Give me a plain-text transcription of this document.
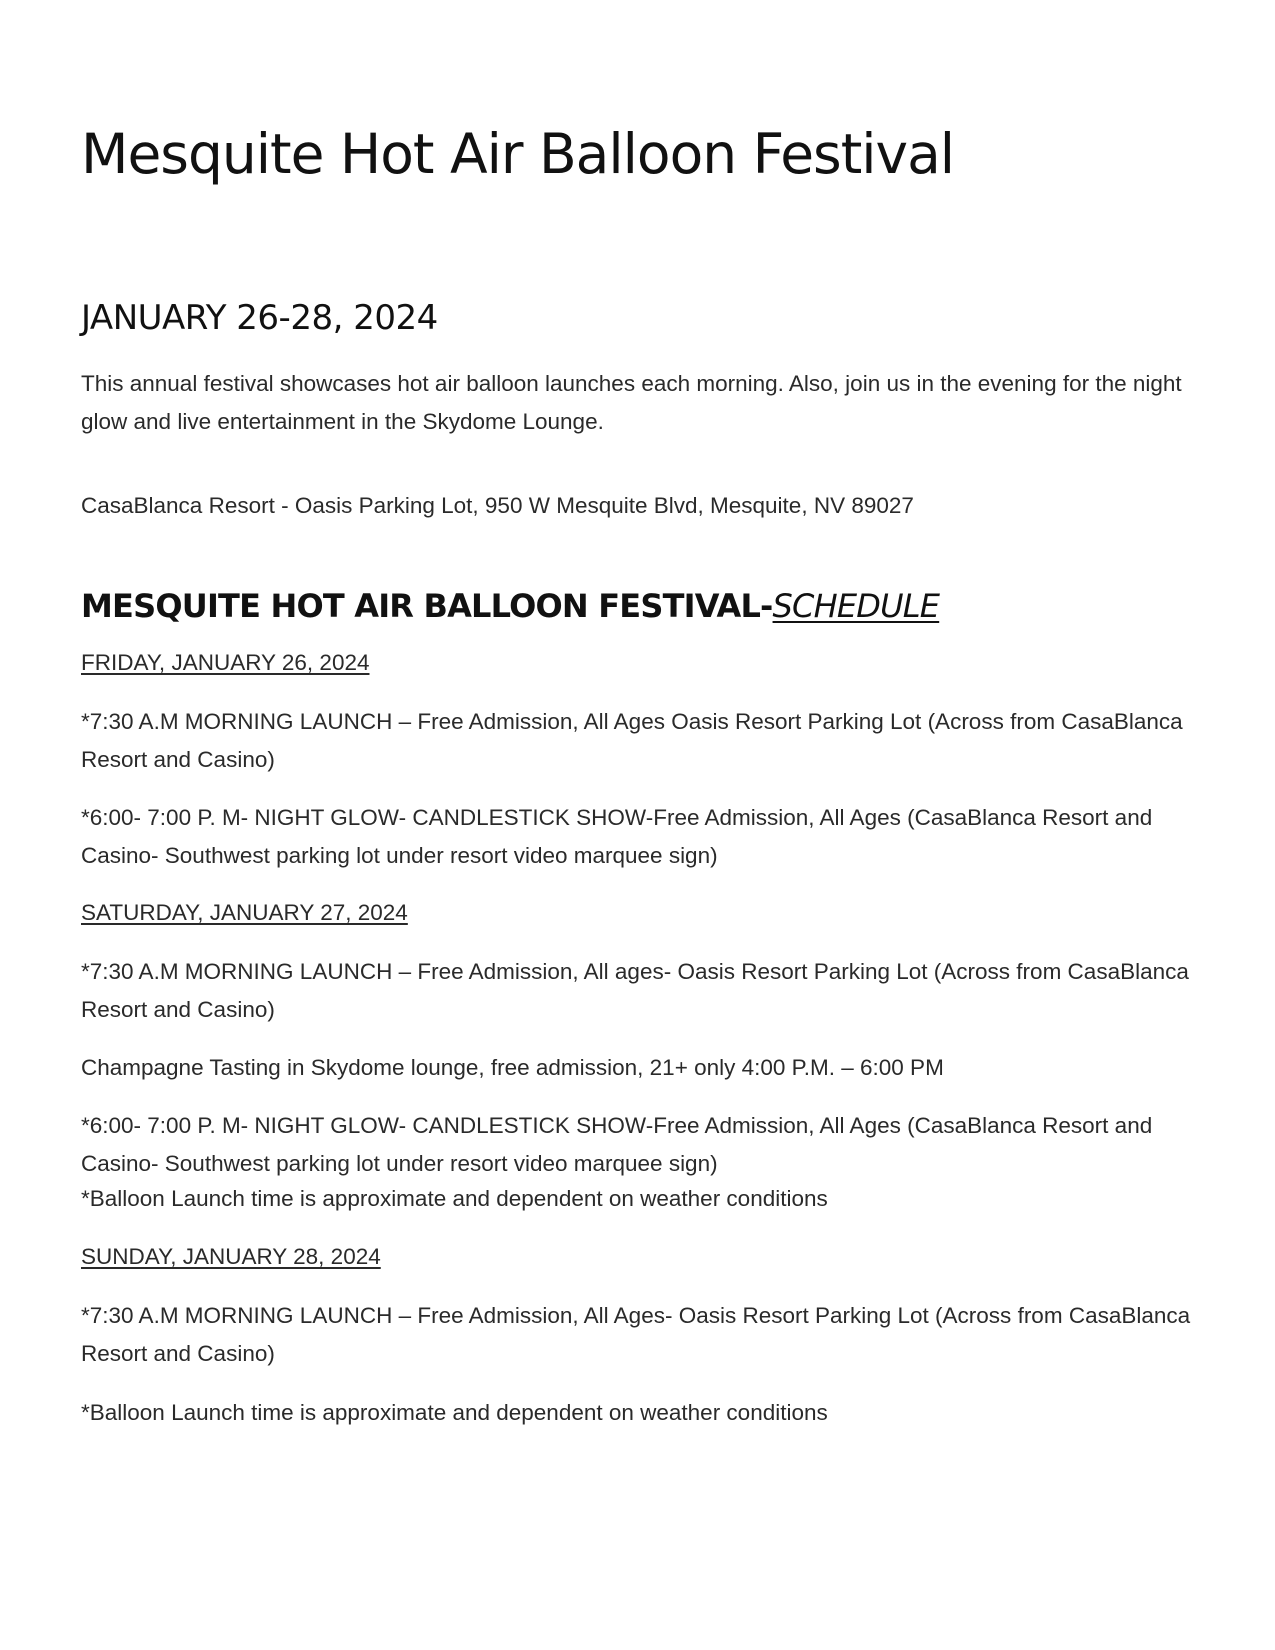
Mesquite Hot Air Balloon Festival
JANUARY 26-28, 2024

This annual festival showcases hot air balloon launches each morning. Also, join us in the evening for the night glow and live entertainment in the Skydome Lounge.

CasaBlanca Resort - Oasis Parking Lot, 950 W Mesquite Blvd, Mesquite, NV 89027

MESQUITE HOT AIR BALLOON FESTIVAL-SCHEDULE

FRIDAY, JANUARY 26, 2024

*7:30 A.M MORNING LAUNCH – Free Admission, All Ages Oasis Resort Parking Lot (Across from CasaBlanca Resort and Casino)

*6:00- 7:00 P. M- NIGHT GLOW- CANDLESTICK SHOW-Free Admission, All Ages (CasaBlanca Resort and Casino- Southwest parking lot under resort video marquee sign)

SATURDAY, JANUARY 27, 2024

*7:30 A.M MORNING LAUNCH – Free Admission, All ages- Oasis Resort Parking Lot (Across from CasaBlanca Resort and Casino)

Champagne Tasting in Skydome lounge, free admission, 21+ only 4:00 P.M. – 6:00 PM

*6:00- 7:00 P. M- NIGHT GLOW- CANDLESTICK SHOW-Free Admission, All Ages (CasaBlanca Resort and Casino- Southwest parking lot under resort video marquee sign)

*Balloon Launch time is approximate and dependent on weather conditions

SUNDAY, JANUARY 28, 2024

*7:30 A.M MORNING LAUNCH – Free Admission, All Ages- Oasis Resort Parking Lot (Across from CasaBlanca Resort and Casino)

*Balloon Launch time is approximate and dependent on weather conditions
